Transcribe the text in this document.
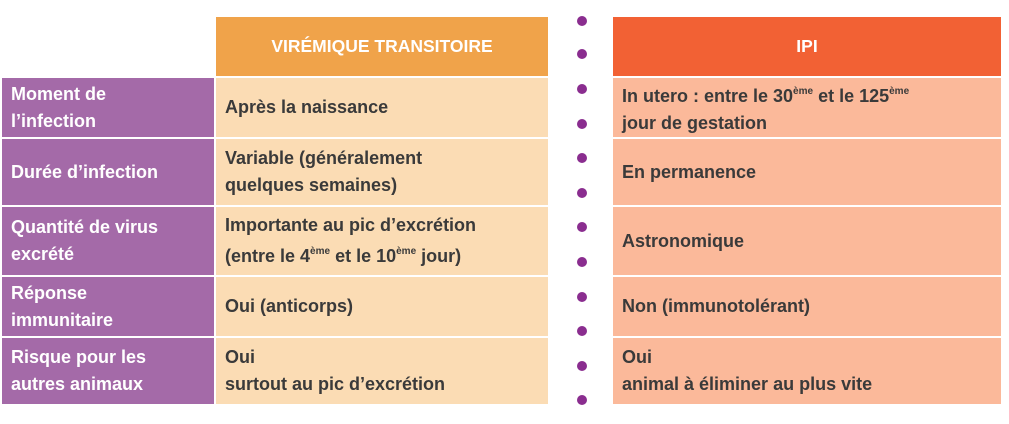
VIRÉMIQUE TRANSITOIRE	IPI
Moment de
l’infection
Après la naissance
In utero : entre le 30ème et le 125ème
jour de gestation
Durée d’infection
Variable (généralement
quelques semaines)
En permanence
Quantité de virus
excrété
Importante au pic d’excrétion
(entre le 4ème et le 10ème jour)
Astronomique
Réponse
immunitaire
Oui (anticorps)	Non (immunotolérant)
Risque pour les
autres animaux
Oui
surtout au pic d’excrétion
Oui
animal à éliminer au plus vite
